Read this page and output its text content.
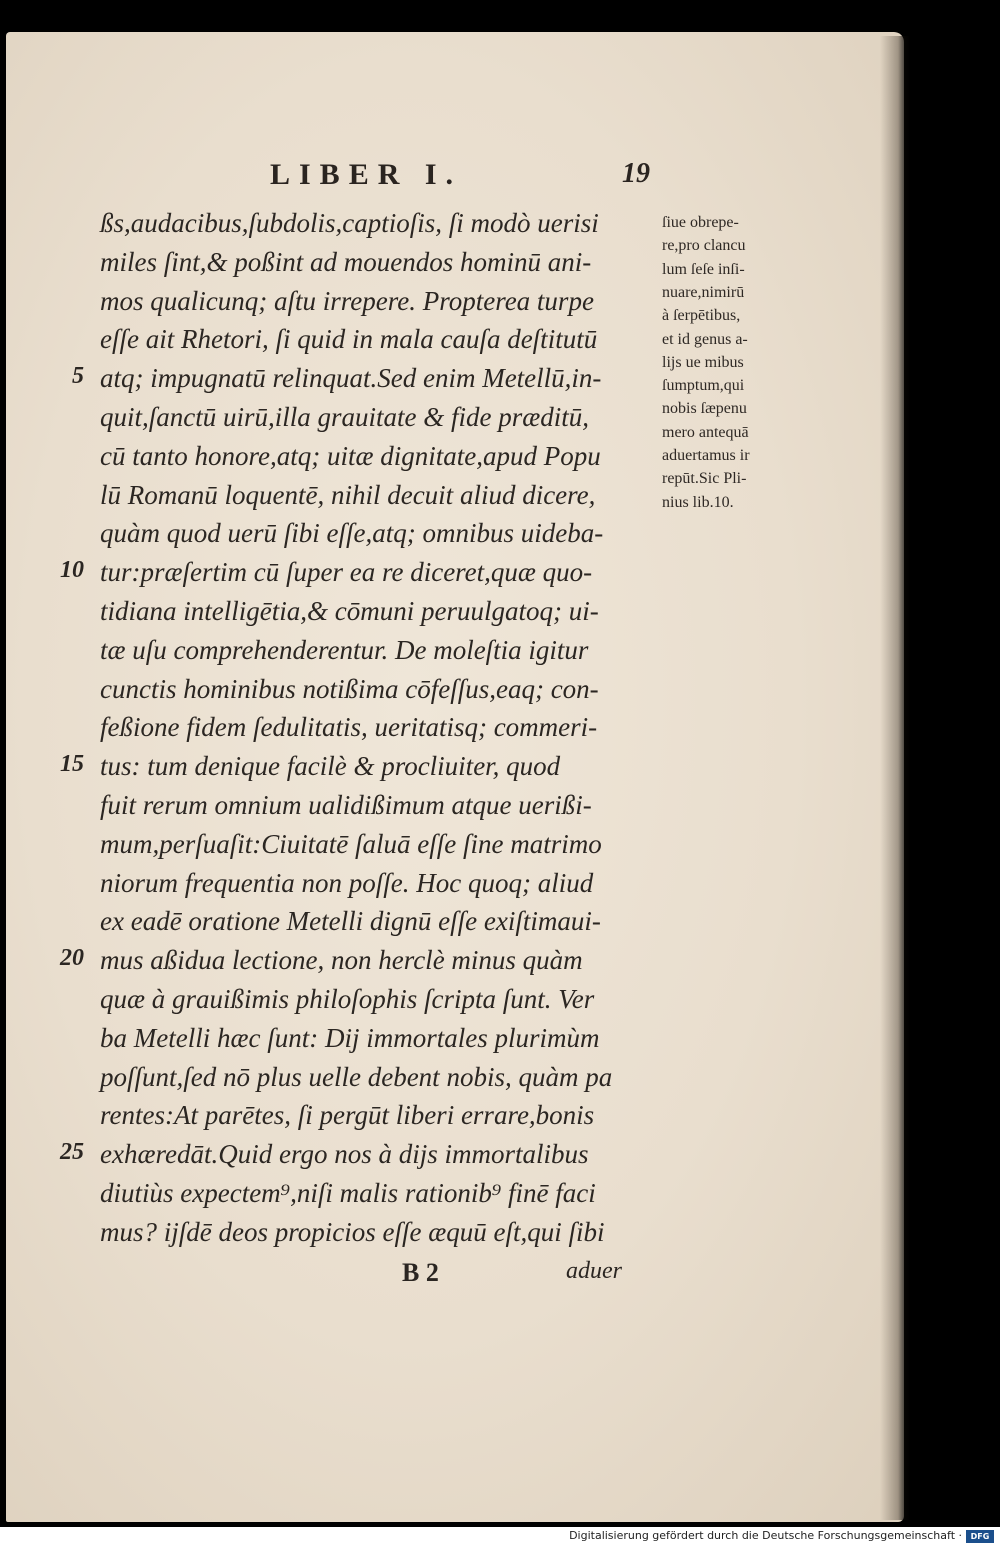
LIBER I.	19
ßs,audacibus,ſubdolis,captioſis, ſi modò uerisi
miles ſint,& poßint ad mouendos hominū ani-
mos qualicunq; aſtu irrepere. Propterea turpe
eſſe ait Rhetori, ſi quid in mala cauſa deſtitutū
atq; impugnatū relinquat.Sed enim Metellū,in-
quit,ſanctū uirū,illa grauitate & fide præditū,
cū tanto honore,atq; uitæ dignitate,apud Popu
lū Romanū loquentē, nihil decuit aliud dicere,
quàm quod uerū ſibi eſſe,atq; omnibus uideba-
tur:præſertim cū ſuper ea re diceret,quæ quo-
tidiana intelligētia,& cōmuni peruulgatoq; ui-
tæ uſu comprehenderentur. De moleſtia igitur
cunctis hominibus notißima cōfeſſus,eaq; con-
feßione fidem ſedulitatis, ueritatisq; commeri-
tus: tum denique facilè & procliuiter, quod
fuit rerum omnium ualidißimum atque uerißi-
mum,perſuaſit:Ciuitatē ſaluā eſſe ſine matrimo
niorum frequentia non poſſe. Hoc quoq; aliud
ex eadē oratione Metelli dignū eſſe exiſtimaui-
mus aßidua lectione, non herclè minus quàm
quæ à grauißimis philoſophis ſcripta ſunt. Ver
ba Metelli hæc ſunt: Dij immortales plurimùm
poſſunt,ſed nō plus uelle debent nobis, quàm pa
rentes:At parētes, ſi pergūt liberi errare,bonis
exhæredāt.Quid ergo nos à dijs immortalibus
diutiùs expectem⁹,niſi malis rationib⁹ finē faci
mus? ijſdē deos propicios eſſe æquū eſt,qui ſibi
5
10
15
20
25
ſiue obrepe-
re,pro clancu
lum ſeſe inſi-
nuare,nimirū
à ſerpētibus,
et id genus a-
lijs ue mibus
ſumptum,qui
nobis ſæpenu
mero antequā
aduertamus ir
repūt.Sic Pli-
nius lib.10.
B 2	aduer
Digitalisierung gefördert durch die Deutsche Forschungsgemeinschaft ·	DFG
